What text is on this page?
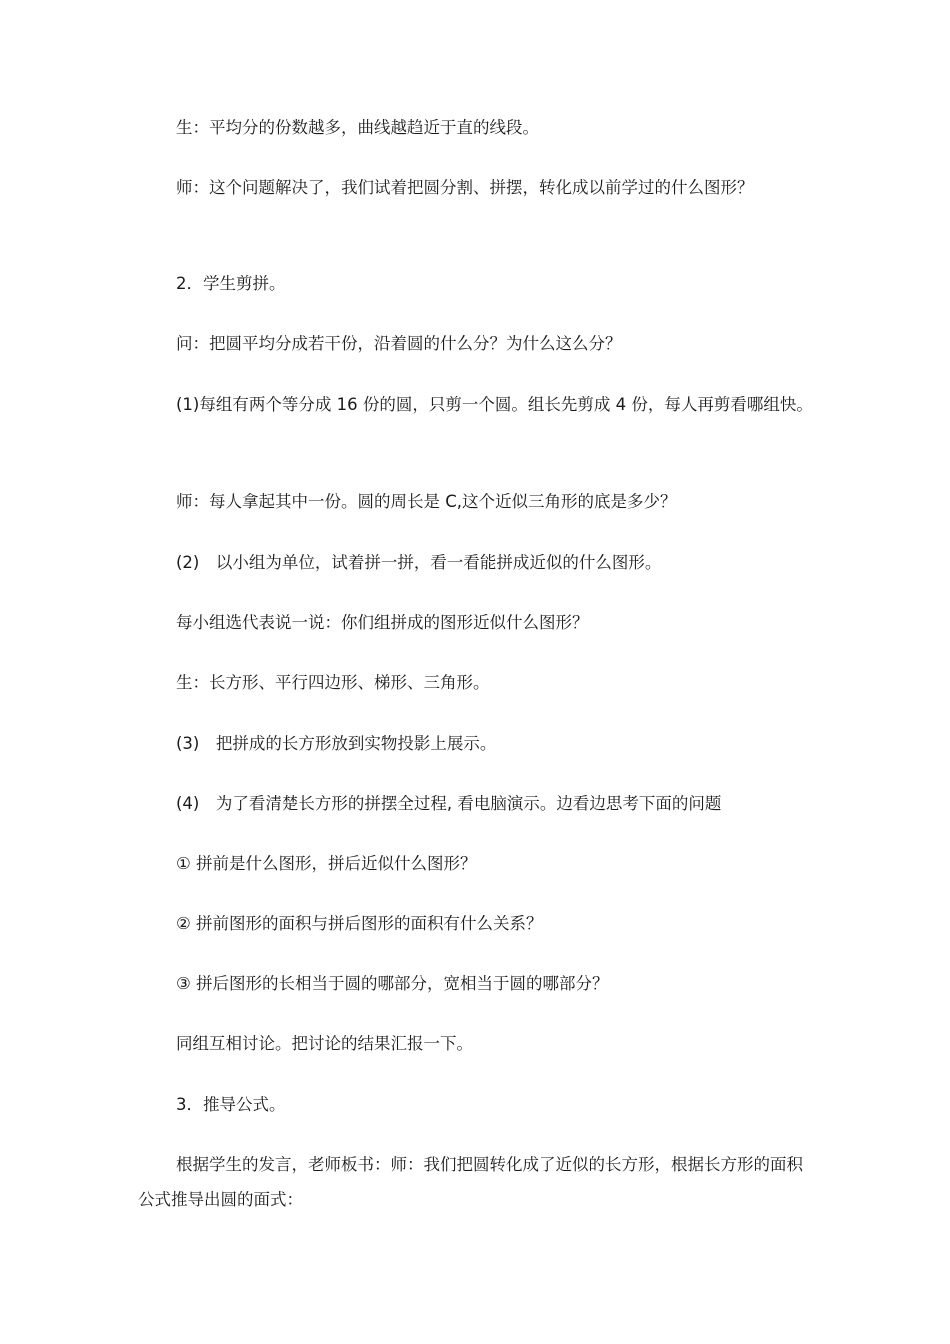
生：平均分的份数越多，曲线越趋近于直的线段。

师：这个问题解决了，我们试着把圆分割、拼摆，转化成以前学过的什么图形？

2．学生剪拼。

问：把圆平均分成若干份，沿着圆的什么分？为什么这么分？

(1)每组有两个等分成 16 份的圆，只剪一个圆。组长先剪成 4 份，每人再剪看哪组快。

师：每人拿起其中一份。圆的周长是 C,这个近似三角形的底是多少？

(2)　以小组为单位，试着拼一拼，看一看能拼成近似的什么图形。

每小组选代表说一说：你们组拼成的图形近似什么图形？

生：长方形、平行四边形、梯形、三角形。

(3)　把拼成的长方形放到实物投影上展示。

(4)　为了看清楚长方形的拼摆全过程, 看电脑演示。边看边思考下面的问题

① 拼前是什么图形，拼后近似什么图形？

② 拼前图形的面积与拼后图形的面积有什么关系？

③ 拼后图形的长相当于圆的哪部分，宽相当于圆的哪部分？

同组互相讨论。把讨论的结果汇报一下。

3．推导公式。

根据学生的发言，老师板书：师：我们把圆转化成了近似的长方形，根据长方形的面积公式推导出圆的面式：
